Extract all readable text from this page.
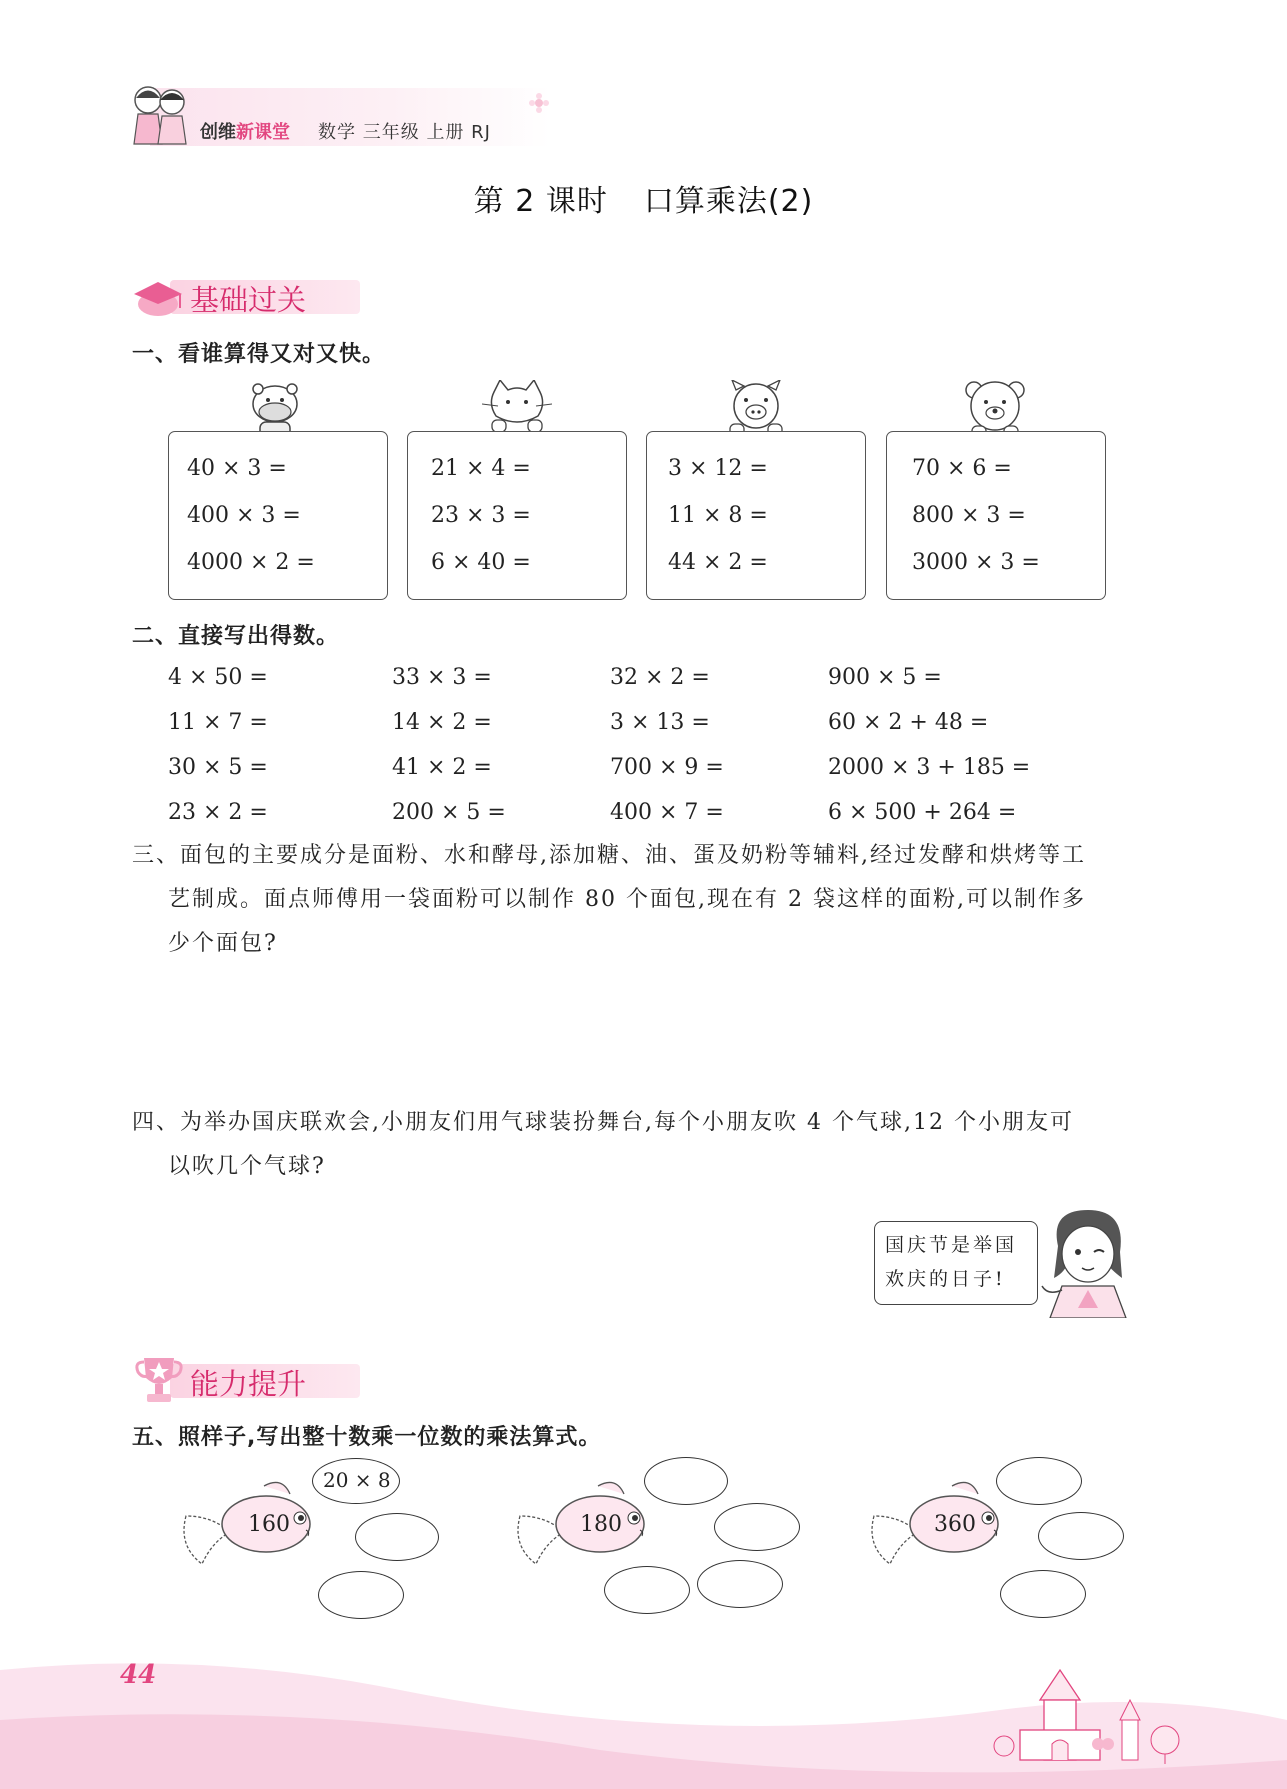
创维新课堂 数学 三年级 上册 RJ
第 2 课时 口算乘法(2)
基础过关
一、看谁算得又对又快。
40 × 3 =
400 × 3 =
4000 × 2 =
21 × 4 =
23 × 3 =
6 × 40 =
3 × 12 =
11 × 8 =
44 × 2 =
70 × 6 =
800 × 3 =
3000 × 3 =
二、直接写出得数。
4 × 50 =	33 × 3 =	32 × 2 =	900 × 5 =
11 × 7 =	14 × 2 =	3 × 13 =	60 × 2 + 48 =
30 × 5 =	41 × 2 =	700 × 9 =	2000 × 3 + 185 =
23 × 2 =	200 × 5 =	400 × 7 =	6 × 500 + 264 =
三、面包的主要成分是面粉、水和酵母,添加糖、油、蛋及奶粉等辅料,经过发酵和烘烤等工
艺制成。面点师傅用一袋面粉可以制作 80 个面包,现在有 2 袋这样的面粉,可以制作多
少个面包?
四、为举办国庆联欢会,小朋友们用气球装扮舞台,每个小朋友吹 4 个气球,12 个小朋友可
以吹几个气球?
国庆节是举国
欢庆的日子!
能力提升
五、照样子,写出整十数乘一位数的乘法算式。
20 × 8
160	180	360
44
